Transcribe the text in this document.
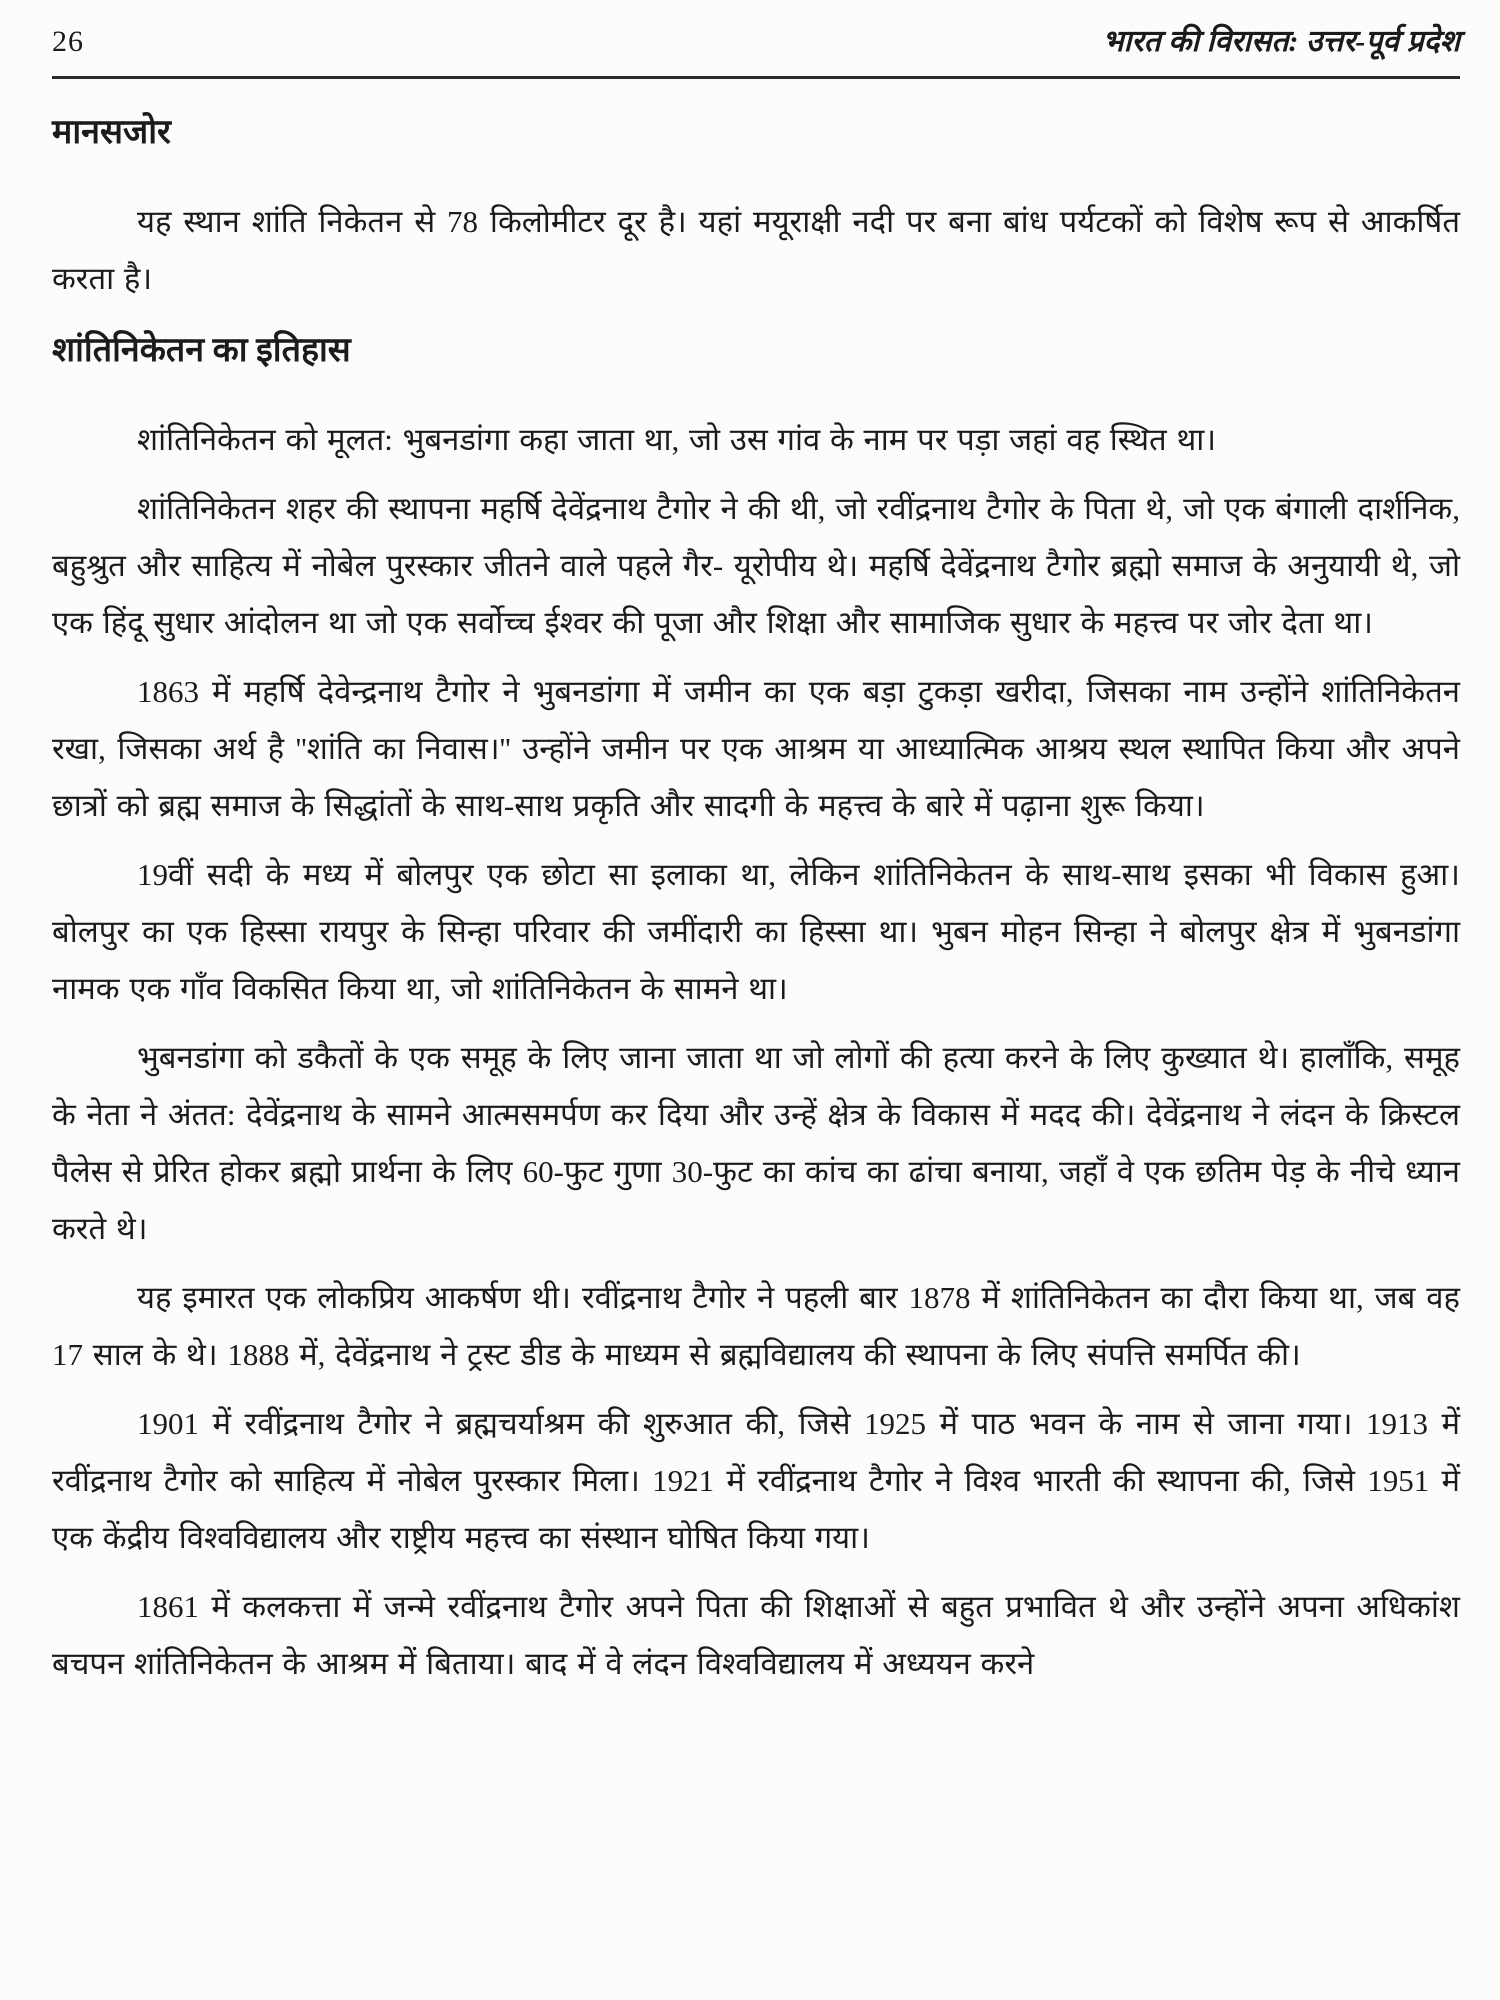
26	भारत की विरासत: उत्तर-पूर्व प्रदेश
मानसजोर

यह स्थान शांति निकेतन से 78 किलोमीटर दूर है। यहां मयूराक्षी नदी पर बना बांध पर्यटकों को विशेष रूप से आकर्षित करता है।

शांतिनिकेतन का इतिहास

शांतिनिकेतन को मूलत: भुबनडांगा कहा जाता था, जो उस गांव के नाम पर पड़ा जहां वह स्थित था।

शांतिनिकेतन शहर की स्थापना महर्षि देवेंद्रनाथ टैगोर ने की थी, जो रवींद्रनाथ टैगोर के पिता थे, जो एक बंगाली दार्शनिक, बहुश्रुत और साहित्य में नोबेल पुरस्कार जीतने वाले पहले गैर- यूरोपीय थे। महर्षि देवेंद्रनाथ टैगोर ब्रह्मो समाज के अनुयायी थे, जो एक हिंदू सुधार आंदोलन था जो एक सर्वोच्च ईश्वर की पूजा और शिक्षा और सामाजिक सुधार के महत्त्व पर जोर देता था।

1863 में महर्षि देवेन्द्रनाथ टैगोर ने भुबनडांगा में जमीन का एक बड़ा टुकड़ा खरीदा, जिसका नाम उन्होंने शांतिनिकेतन रखा, जिसका अर्थ है ''शांति का निवास।'' उन्होंने जमीन पर एक आश्रम या आध्यात्मिक आश्रय स्थल स्थापित किया और अपने छात्रों को ब्रह्म समाज के सिद्धांतों के साथ-साथ प्रकृति और सादगी के महत्त्व के बारे में पढ़ाना शुरू किया।

19वीं सदी के मध्य में बोलपुर एक छोटा सा इलाका था, लेकिन शांतिनिकेतन के साथ-साथ इसका भी विकास हुआ। बोलपुर का एक हिस्सा रायपुर के सिन्हा परिवार की जमींदारी का हिस्सा था। भुबन मोहन सिन्हा ने बोलपुर क्षेत्र में भुबनडांगा नामक एक गाँव विकसित किया था, जो शांतिनिकेतन के सामने था।

भुबनडांगा को डकैतों के एक समूह के लिए जाना जाता था जो लोगों की हत्या करने के लिए कुख्यात थे। हालाँकि, समूह के नेता ने अंतत: देवेंद्रनाथ के सामने आत्मसमर्पण कर दिया और उन्हें क्षेत्र के विकास में मदद की। देवेंद्रनाथ ने लंदन के क्रिस्टल पैलेस से प्रेरित होकर ब्रह्मो प्रार्थना के लिए 60-फुट गुणा 30-फुट का कांच का ढांचा बनाया, जहाँ वे एक छतिम पेड़ के नीचे ध्यान करते थे।

यह इमारत एक लोकप्रिय आकर्षण थी। रवींद्रनाथ टैगोर ने पहली बार 1878 में शांतिनिकेतन का दौरा किया था, जब वह 17 साल के थे। 1888 में, देवेंद्रनाथ ने ट्रस्ट डीड के माध्यम से ब्रह्मविद्यालय की स्थापना के लिए संपत्ति समर्पित की।

1901 में रवींद्रनाथ टैगोर ने ब्रह्मचर्याश्रम की शुरुआत की, जिसे 1925 में पाठ भवन के नाम से जाना गया। 1913 में रवींद्रनाथ टैगोर को साहित्य में नोबेल पुरस्कार मिला। 1921 में रवींद्रनाथ टैगोर ने विश्व भारती की स्थापना की, जिसे 1951 में एक केंद्रीय विश्वविद्यालय और राष्ट्रीय महत्त्व का संस्थान घोषित किया गया।

1861 में कलकत्ता में जन्मे रवींद्रनाथ टैगोर अपने पिता की शिक्षाओं से बहुत प्रभावित थे और उन्होंने अपना अधिकांश बचपन शांतिनिकेतन के आश्रम में बिताया। बाद में वे लंदन विश्वविद्यालय में अध्ययन करने
